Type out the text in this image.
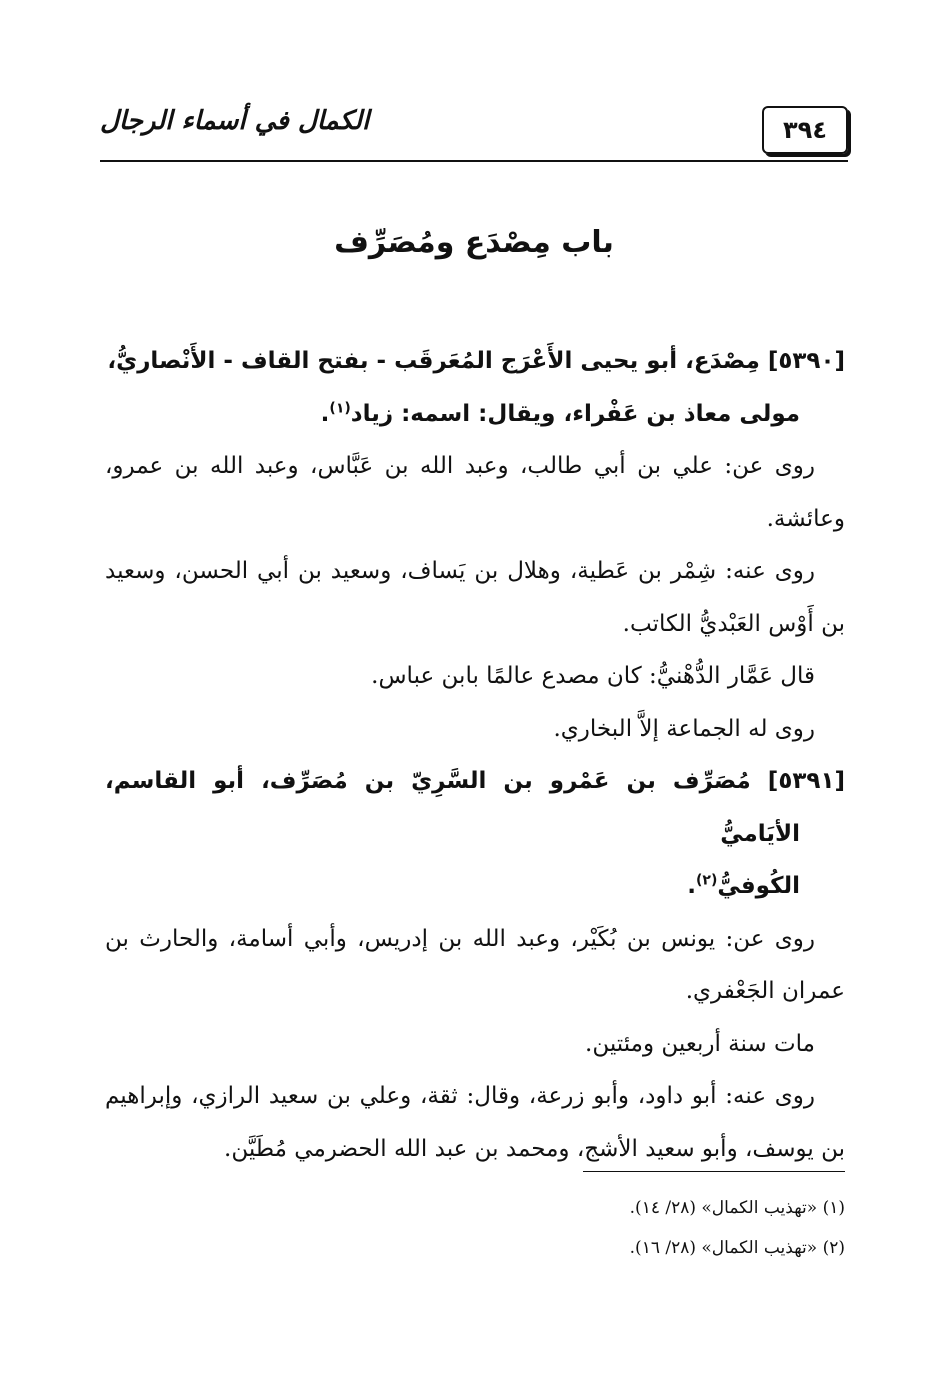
٣٩٤
الكمال في أسماء الرجال
باب مِصْدَع ومُصَرِّف

[٥٣٩٠] مِصْدَع، أبو يحيى الأَعْرَج المُعَرقَب - بفتح القاف - الأَنْصاريُّ،
مولى معاذ بن عَفْراء، ويقال: اسمه: زياد$^{(١)}$.

روى عن: علي بن أبي طالب، وعبد الله بن عَبَّاس، وعبد الله بن عمرو، وعائشة.

روى عنه: شِمْر بن عَطية، وهلال بن يَساف، وسعيد بن أبي الحسن، وسعيد بن أَوْس العَبْديُّ الكاتب.

قال عَمَّار الدُّهْنيُّ: كان مصدع عالمًا بابن عباس.

روى له الجماعة إلاَّ البخاري.

[٥٣٩١] مُصَرِّف بن عَمْرو بن السَّرِيّ بن مُصَرِّف، أبو القاسم، الأيَاميُّ
الكُوفيُّ$^{(٢)}$.

روى عن: يونس بن بُكَيْر، وعبد الله بن إدريس، وأبي أسامة، والحارث بن عمران الجَعْفري.

مات سنة أربعين ومئتين.

روى عنه: أبو داود، وأبو زرعة، وقال: ثقة، وعلي بن سعيد الرازي، وإبراهيم بن يوسف، وأبو سعيد الأشج، ومحمد بن عبد الله الحضرمي مُطَيَّن.

(١) «تهذيب الكمال» (٢٨/ ١٤).

(٢) «تهذيب الكمال» (٢٨/ ١٦).
